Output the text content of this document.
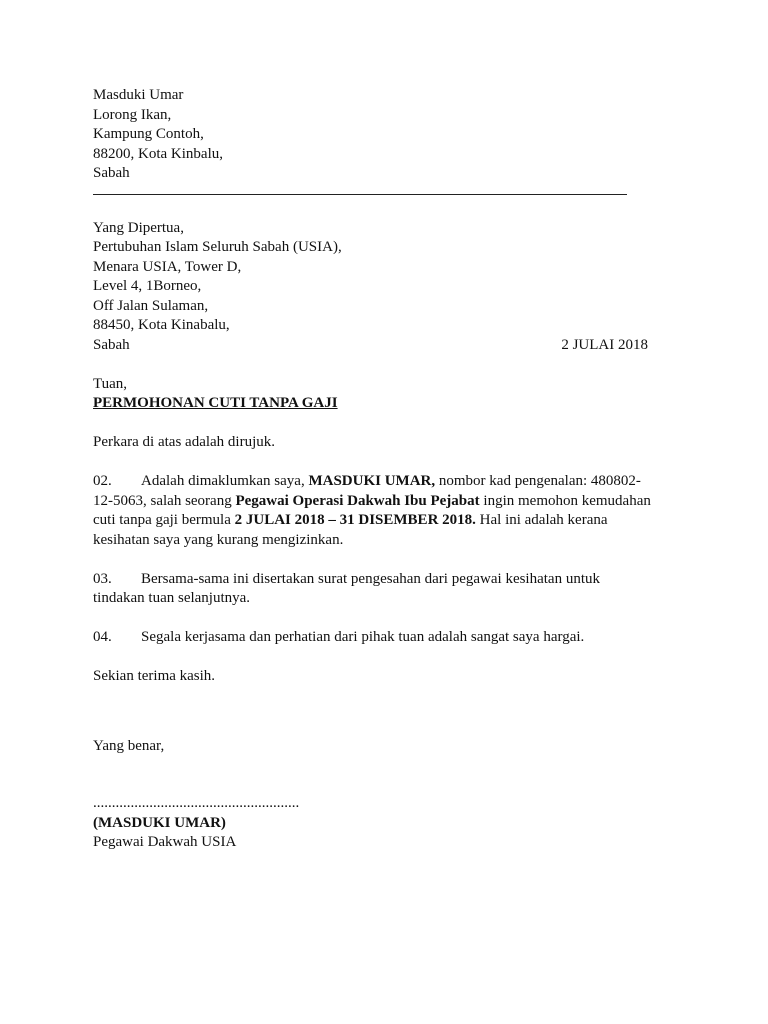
Masduki Umar
Lorong Ikan,
Kampung Contoh,
88200, Kota Kinbalu,
Sabah
Yang Dipertua,
Pertubuhan Islam Seluruh Sabah (USIA),
Menara USIA, Tower D,
Level 4, 1Borneo,
Off Jalan Sulaman,
88450, Kota Kinabalu,
Sabah	2 JULAI 2018
Tuan,
PERMOHONAN CUTI TANPA GAJI
Perkara di atas adalah dirujuk.
02. Adalah dimaklumkan saya, MASDUKI UMAR, nombor kad pengenalan: 480802-12-5063, salah seorang Pegawai Operasi Dakwah Ibu Pejabat ingin memohon kemudahan cuti tanpa gaji bermula 2 JULAI 2018 – 31 DISEMBER 2018. Hal ini adalah kerana kesihatan saya yang kurang mengizinkan.
03. Bersama-sama ini disertakan surat pengesahan dari pegawai kesihatan untuk tindakan tuan selanjutnya.
04. Segala kerjasama dan perhatian dari pihak tuan adalah sangat saya hargai.
Sekian terima kasih.
Yang benar,
.......................................................
(MASDUKI UMAR)
Pegawai Dakwah USIA
